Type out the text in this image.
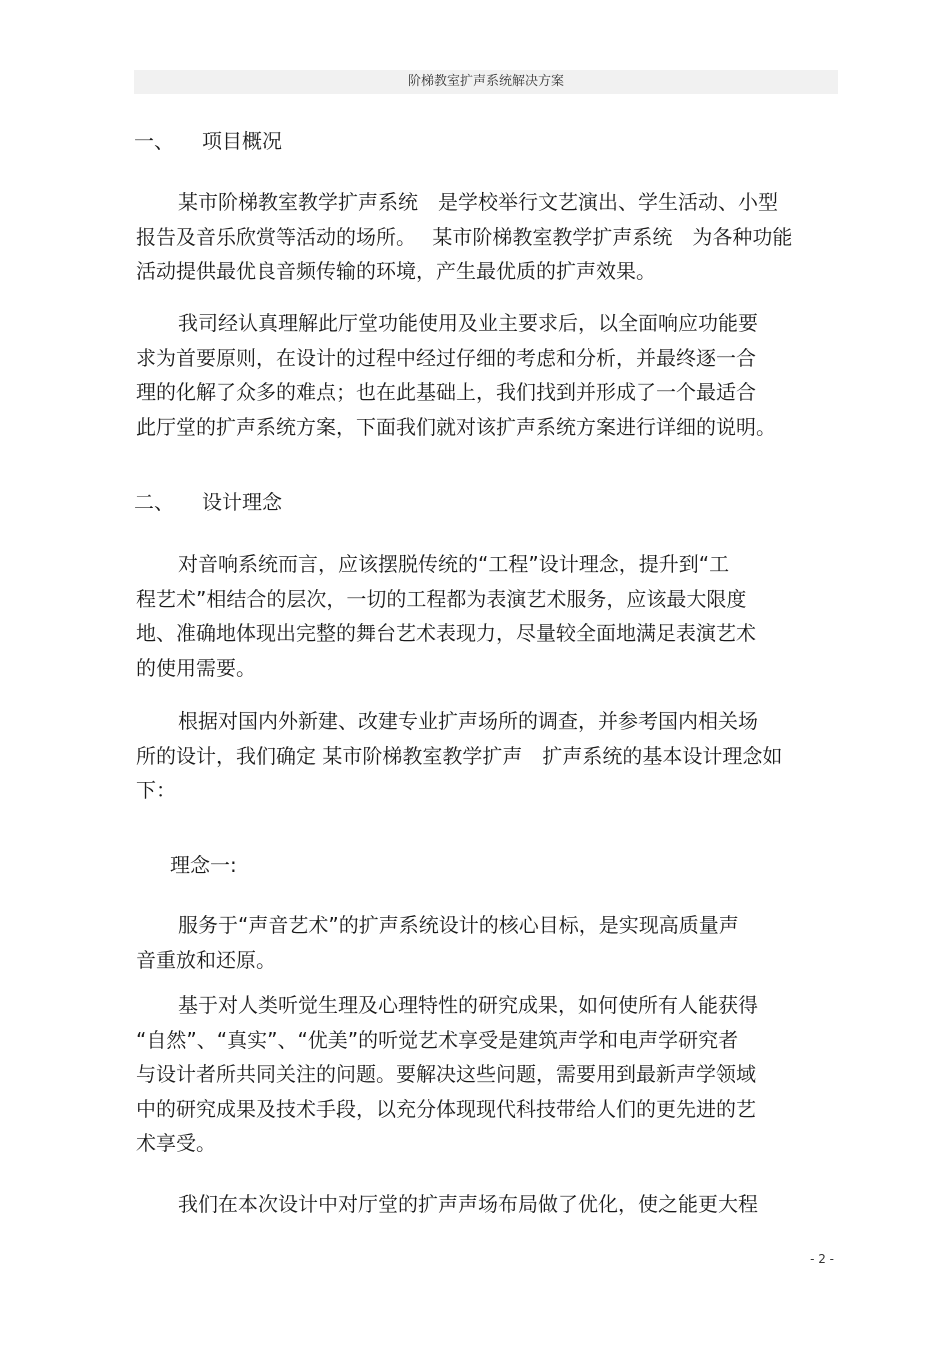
阶梯教室扩声系统解决方案
一、 项目概况
某市阶梯教室教学扩声系统　是学校举行文艺演出、学生活动、小型
报告及音乐欣赏等活动的场所。　 某市阶梯教室教学扩声系统　为各种功能
活动提供最优良音频传输的环境，产生最优质的扩声效果。
我司经认真理解此厅堂功能使用及业主要求后，以全面响应功能要
求为首要原则，在设计的过程中经过仔细的考虑和分析，并最终逐一合
理的化解了众多的难点；也在此基础上，我们找到并形成了一个最适合
此厅堂的扩声系统方案，下面我们就对该扩声系统方案进行详细的说明。
二、 设计理念
对音响系统而言，应该摆脱传统的“工程”设计理念，提升到“工
程艺术”相结合的层次，一切的工程都为表演艺术服务，应该最大限度
地、准确地体现出完整的舞台艺术表现力，尽量较全面地满足表演艺术
的使用需要。
根据对国内外新建、改建专业扩声场所的调查，并参考国内相关场
所的设计，我们确定 某市阶梯教室教学扩声　扩声系统的基本设计理念如
下：
理念一:
服务于“声音艺术”的扩声系统设计的核心目标，是实现高质量声
音重放和还原。
基于对人类听觉生理及心理特性的研究成果，如何使所有人能获得
“自然”、“真实”、“优美”的听觉艺术享受是建筑声学和电声学研究者
与设计者所共同关注的问题。要解决这些问题，需要用到最新声学领域
中的研究成果及技术手段，以充分体现现代科技带给人们的更先进的艺
术享受。
我们在本次设计中对厅堂的扩声声场布局做了优化，使之能更大程
- 2 -
